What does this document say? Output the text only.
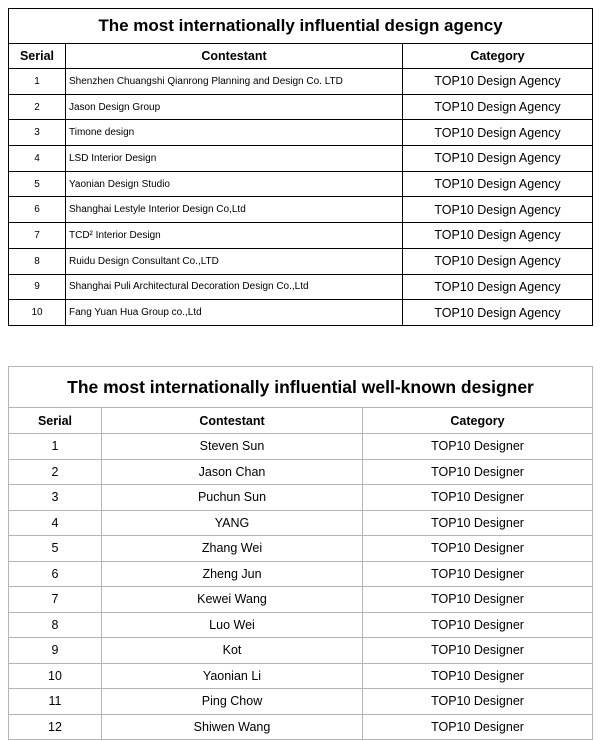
The most internationally influential design agency		
Serial	Contestant	Category
1	Shenzhen Chuangshi Qianrong Planning and Design Co. LTD	TOP10 Design Agency
2	Jason Design Group	TOP10 Design Agency
3	Timone design	TOP10 Design Agency
4	LSD Interior Design	TOP10 Design Agency
5	Yaonian Design Studio	TOP10 Design Agency
6	Shanghai Lestyle Interior Design Co,Ltd	TOP10 Design Agency
7	TCD² Interior Design	TOP10 Design Agency
8	Ruidu Design Consultant Co.,LTD	TOP10 Design Agency
9	Shanghai Puli Architectural Decoration Design Co.,Ltd	TOP10 Design Agency
10	Fang Yuan Hua Group co.,Ltd	TOP10 Design Agency
The most internationally influential well-known designer		
Serial	Contestant	Category
1	Steven Sun	TOP10 Designer
2	Jason Chan	TOP10 Designer
3	Puchun Sun	TOP10 Designer
4	YANG	TOP10 Designer
5	Zhang Wei	TOP10 Designer
6	Zheng Jun	TOP10 Designer
7	Kewei Wang	TOP10 Designer
8	Luo Wei	TOP10 Designer
9	Kot	TOP10 Designer
10	Yaonian Li	TOP10 Designer
11	Ping Chow	TOP10 Designer
12	Shiwen Wang	TOP10 Designer
